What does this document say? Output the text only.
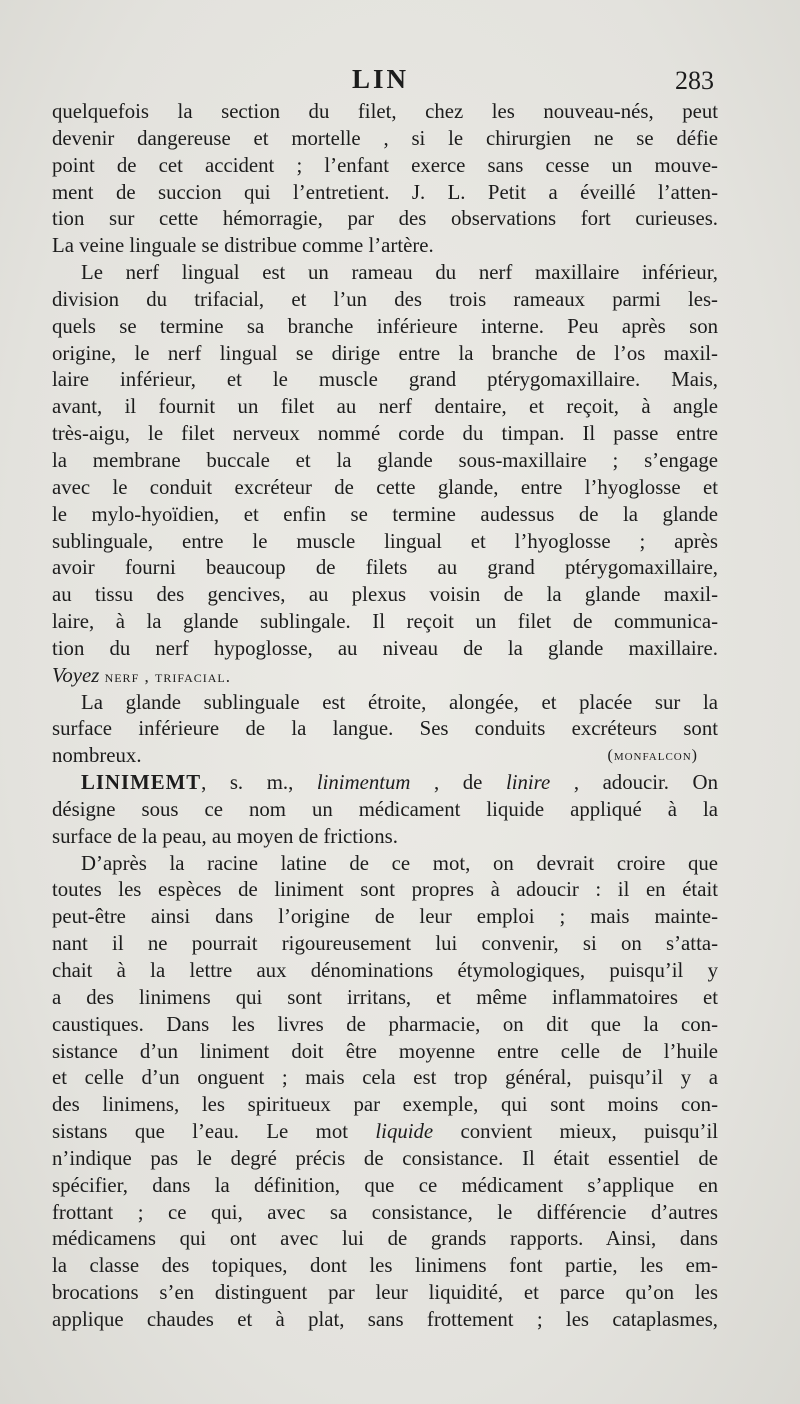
LIN	283
quelquefois la section du filet, chez les nouveau-nés, peut
devenir dangereuse et mortelle , si le chirurgien ne se défie
point de cet accident ; l’enfant exerce sans cesse un mouve-
ment de succion qui l’entretient. J. L. Petit a éveillé l’atten-
tion sur cette hémorragie, par des observations fort curieuses.
La veine linguale se distribue comme l’artère.
Le nerf lingual est un rameau du nerf maxillaire inférieur,
division du trifacial, et l’un des trois rameaux parmi les-
quels se termine sa branche inférieure interne. Peu après son
origine, le nerf lingual se dirige entre la branche de l’os maxil-
laire inférieur, et le muscle grand ptérygomaxillaire. Mais,
avant, il fournit un filet au nerf dentaire, et reçoit, à angle
très-aigu, le filet nerveux nommé corde du timpan. Il passe entre
la membrane buccale et la glande sous-maxillaire ; s’engage
avec le conduit excréteur de cette glande, entre l’hyoglosse et
le mylo-hyoïdien, et enfin se termine audessus de la glande
sublinguale, entre le muscle lingual et l’hyoglosse ; après
avoir fourni beaucoup de filets au grand ptérygomaxillaire,
au tissu des gencives, au plexus voisin de la glande maxil-
laire, à la glande sublingale. Il reçoit un filet de communica-
tion du nerf hypoglosse, au niveau de la glande maxillaire.
Voyez nerf , trifacial.
La glande sublinguale est étroite, alongée, et placée sur la
surface inférieure de la langue. Ses conduits excréteurs sont
nombreux.	(monfalcon)
LINIMEMT, s. m., linimentum , de linire , adoucir. On
désigne sous ce nom un médicament liquide appliqué à la
surface de la peau, au moyen de frictions.
D’après la racine latine de ce mot, on devrait croire que
toutes les espèces de liniment sont propres à adoucir : il en était
peut-être ainsi dans l’origine de leur emploi ; mais mainte-
nant il ne pourrait rigoureusement lui convenir, si on s’atta-
chait à la lettre aux dénominations étymologiques, puisqu’il y
a des linimens qui sont irritans, et même inflammatoires et
caustiques. Dans les livres de pharmacie, on dit que la con-
sistance d’un liniment doit être moyenne entre celle de l’huile
et celle d’un onguent ; mais cela est trop général, puisqu’il y a
des linimens, les spiritueux par exemple, qui sont moins con-
sistans que l’eau. Le mot liquide convient mieux, puisqu’il
n’indique pas le degré précis de consistance. Il était essentiel de
spécifier, dans la définition, que ce médicament s’applique en
frottant ; ce qui, avec sa consistance, le différencie d’autres
médicamens qui ont avec lui de grands rapports. Ainsi, dans
la classe des topiques, dont les linimens font partie, les em-
brocations s’en distinguent par leur liquidité, et parce qu’on les
applique chaudes et à plat, sans frottement ; les cataplasmes,
